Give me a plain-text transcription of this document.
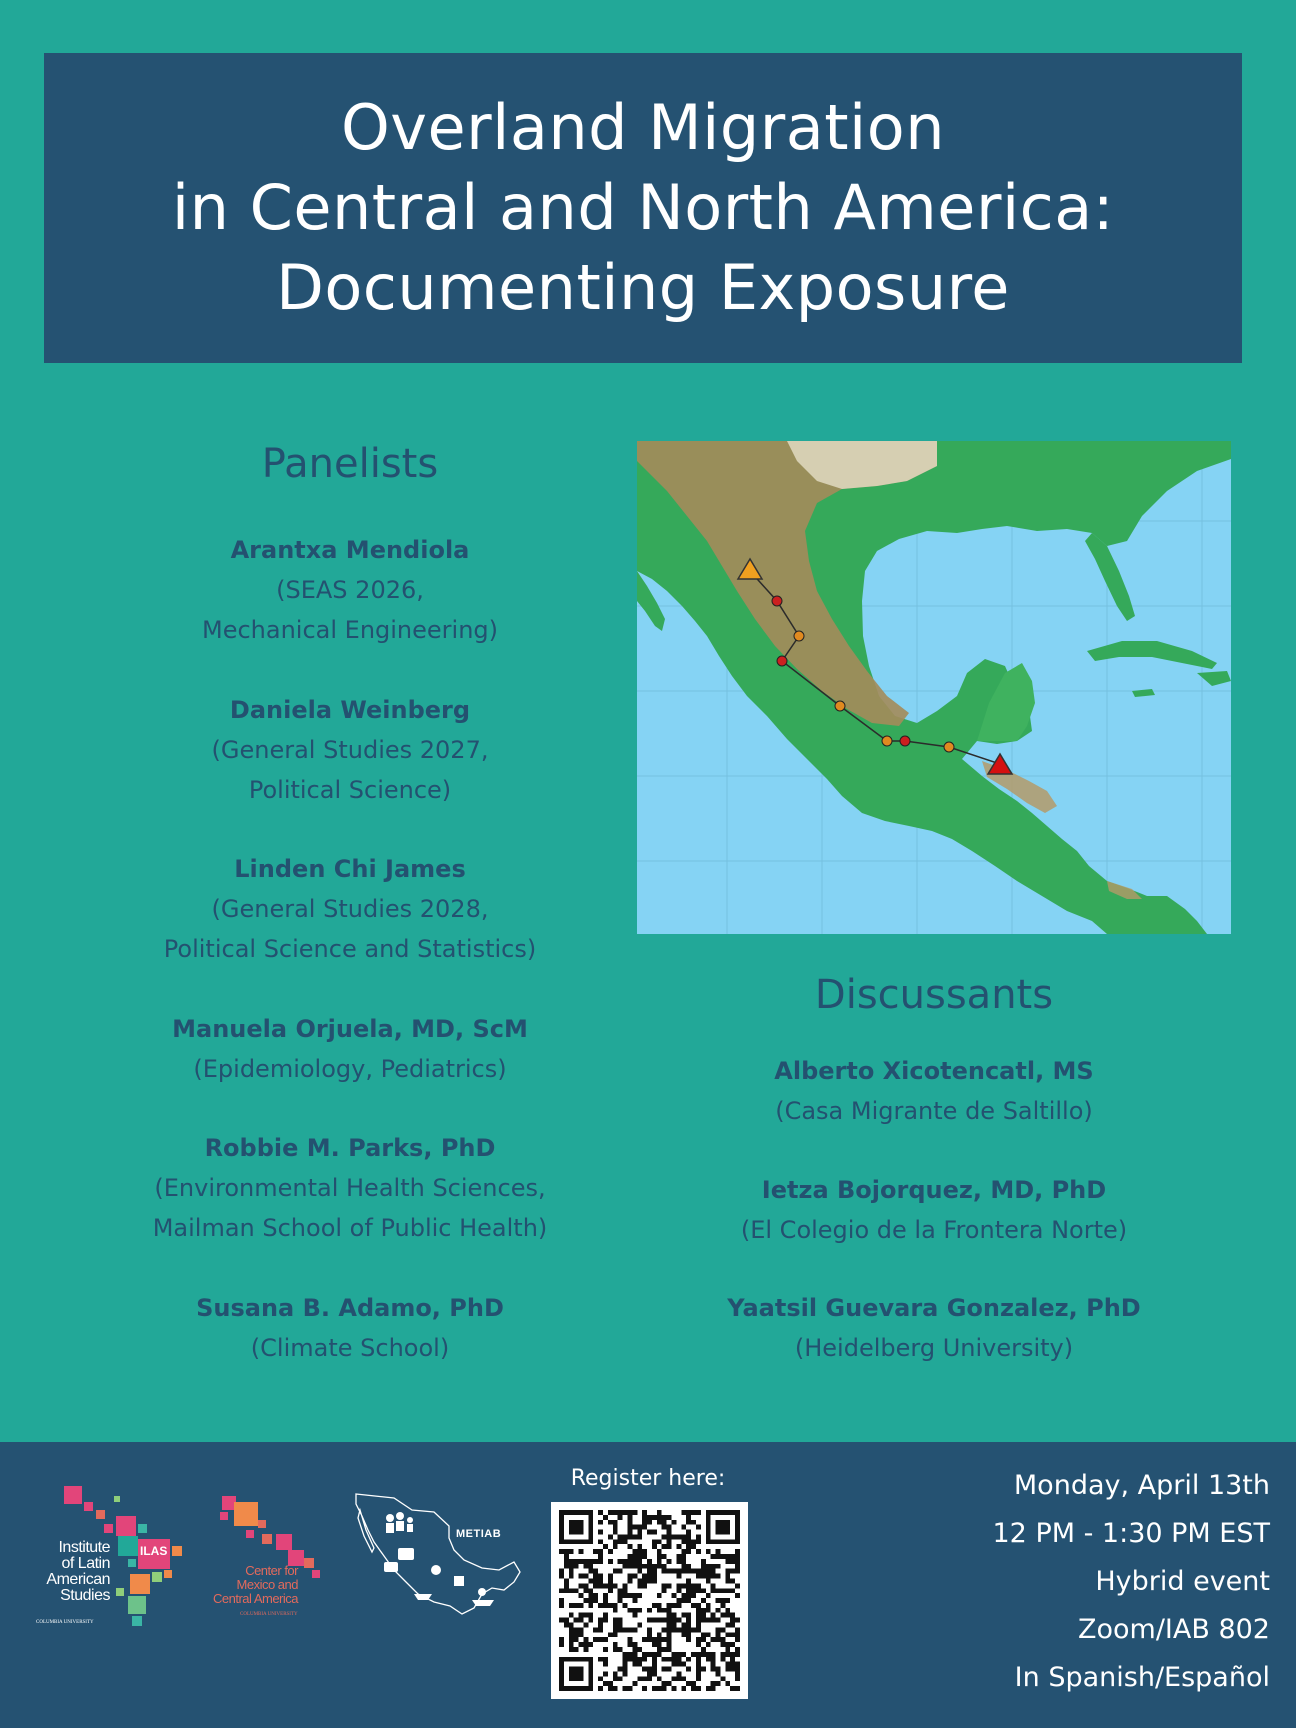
Overland Migration
in Central and North America:
Documenting Exposure
Panelists
Arantxa Mendiola
(SEAS 2026,
Mechanical Engineering)
Daniela Weinberg
(General Studies 2027,
Political Science)
Linden Chi James
(General Studies 2028,
Political Science and Statistics)
Manuela Orjuela, MD, ScM
(Epidemiology, Pediatrics)
Robbie M. Parks, PhD
(Environmental Health Sciences,
Mailman School of Public Health)
Susana B. Adamo, PhD
(Climate School)
Discussants
Alberto Xicotencatl, MS
(Casa Migrante de Saltillo)
Ietza Bojorquez, MD, PhD
(El Colegio de la Frontera Norte)
Yaatsil Guevara Gonzalez, PhD
(Heidelberg University)
ILAS
Institute
of Latin
American
Studies
COLUMBIA UNIVERSITY
Center for
Mexico and
Central America
COLUMBIA UNIVERSITY
METIAB
Register here:	Monday, April 13th
12 PM - 1:30 PM EST
Hybrid event
Zoom/IAB 802
In Spanish/Español
